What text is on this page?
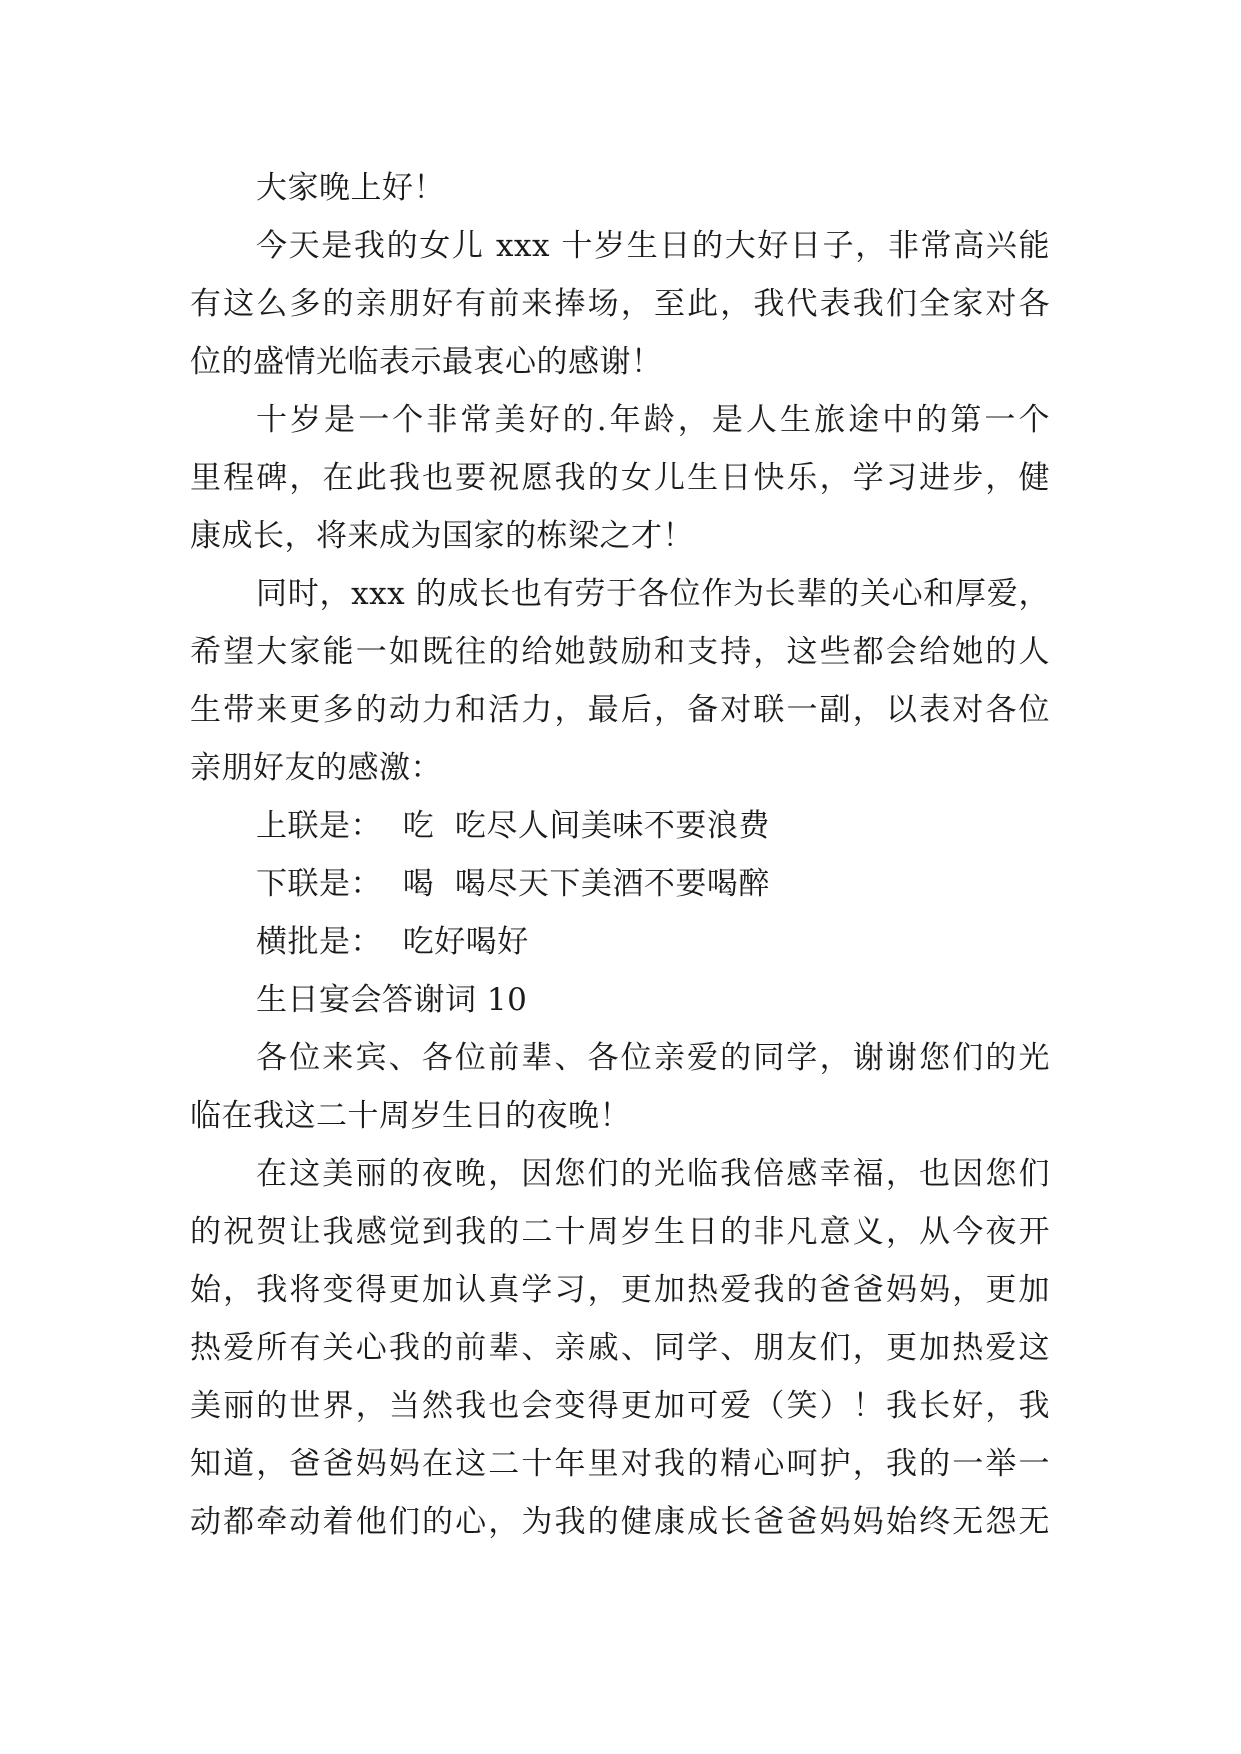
大家晚上好！
今天是我的女儿 xxx 十岁生日的大好日子，非常高兴能
有这么多的亲朋好有前来捧场，至此，我代表我们全家对各
位的盛情光临表示最衷心的感谢！
十岁是一个非常美好的.年龄，是人生旅途中的第一个
里程碑，在此我也要祝愿我的女儿生日快乐，学习进步，健
康成长，将来成为国家的栋梁之才！
同时，xxx 的成长也有劳于各位作为长辈的关心和厚爱，
希望大家能一如既往的给她鼓励和支持，这些都会给她的人
生带来更多的动力和活力，最后，备对联一副，以表对各位
亲朋好友的感激：
上联是：  吃  吃尽人间美味不要浪费
下联是：  喝  喝尽天下美酒不要喝醉
横批是：  吃好喝好
生日宴会答谢词 10
各位来宾、各位前辈、各位亲爱的同学，谢谢您们的光
临在我这二十周岁生日的夜晚！
在这美丽的夜晚，因您们的光临我倍感幸福，也因您们
的祝贺让我感觉到我的二十周岁生日的非凡意义，从今夜开
始，我将变得更加认真学习，更加热爱我的爸爸妈妈，更加
热爱所有关心我的前辈、亲戚、同学、朋友们，更加热爱这
美丽的世界，当然我也会变得更加可爱（笑）！我长好，我
知道，爸爸妈妈在这二十年里对我的精心呵护，我的一举一
动都牵动着他们的心，为我的健康成长爸爸妈妈始终无怨无
